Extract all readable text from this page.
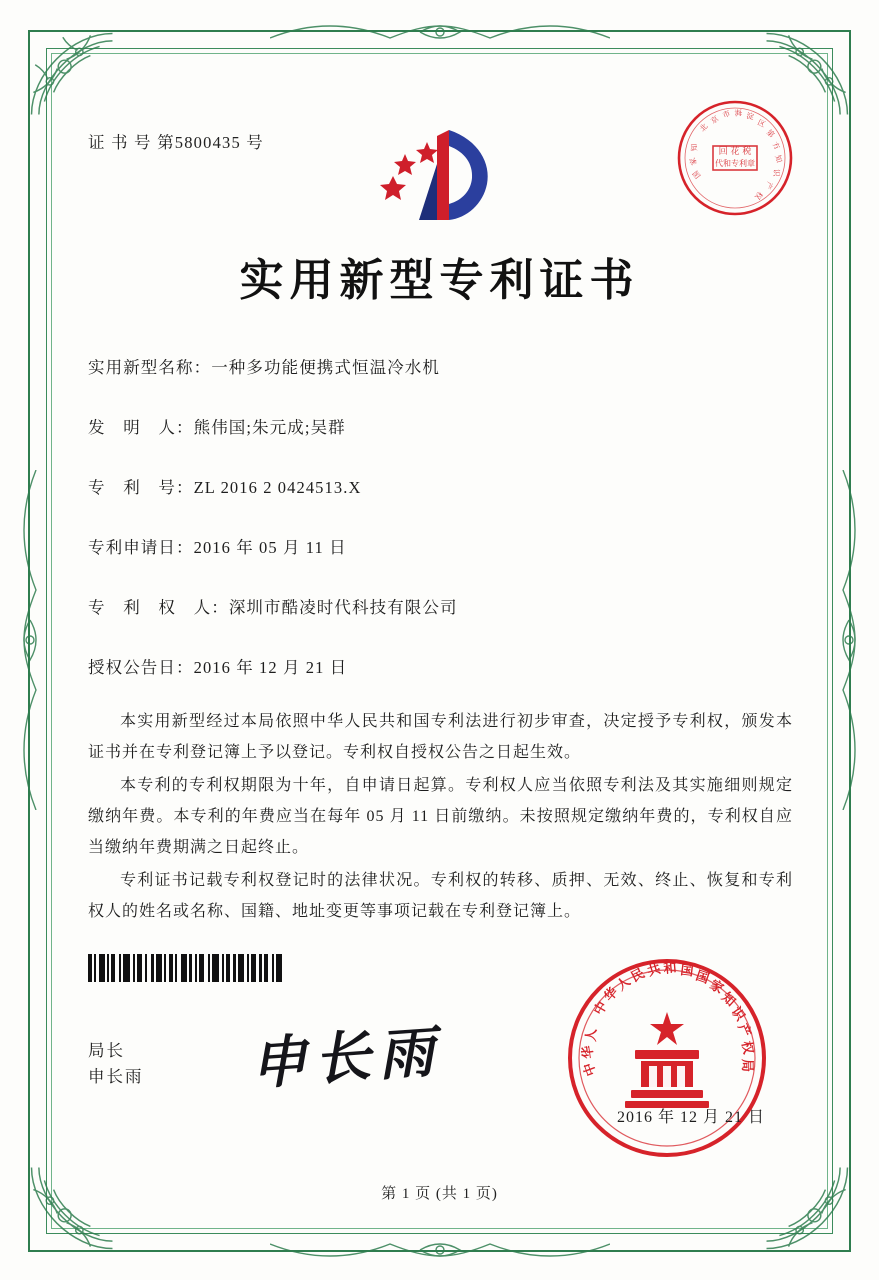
证 书 号 第5800435 号	回 花 税
代和专利章
北
京 市 海 淀
区
第
方
知
识
产
权
国
家
知
实用新型专利证书
实用新型名称：一种多功能便携式恒温冷水机
发　明　人：熊伟国;朱元成;吴群
专　利　号：ZL 2016 2 0424513.X
专利申请日：2016 年 05 月 11 日
专　利　权　人：深圳市酷凌时代科技有限公司
授权公告日：2016 年 12 月 21 日

本实用新型经过本局依照中华人民共和国专利法进行初步审查，决定授予专利权，颁发本证书并在专利登记簿上予以登记。专利权自授权公告之日起生效。

本专利的专利权期限为十年，自申请日起算。专利权人应当依照专利法及其实施细则规定缴纳年费。本专利的年费应当在每年 05 月 11 日前缴纳。未按照规定缴纳年费的，专利权自应当缴纳年费期满之日起终止。

专利证书记载专利权登记时的法律状况。专利权的转移、质押、无效、终止、恢复和专利权人的姓名或名称、国籍、地址变更等事项记载在专利登记簿上。

局长
申长雨 申长雨
中
华
人
民
共 和 国 国
家
知
识
产
权
局
中
华
人
2016 年 12 月 21 日
第 1 页 (共 1 页)
